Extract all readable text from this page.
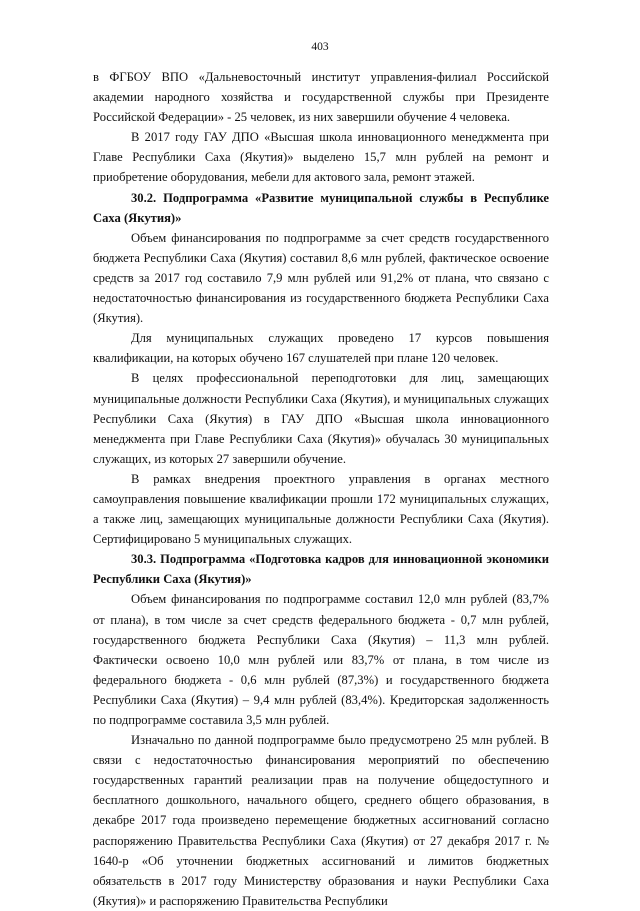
403

в ФГБОУ ВПО «Дальневосточный институт управления-филиал Российской академии народного хозяйства и государственной службы при Президенте Российской Федерации» - 25 человек, из них завершили обучение 4 человека.

В 2017 году ГАУ ДПО «Высшая школа инновационного менеджмента при Главе Республики Саха (Якутия)» выделено 15,7 млн рублей на ремонт и приобретение оборудования, мебели для актового зала, ремонт этажей.

30.2. Подпрограмма «Развитие муниципальной службы в Республике Саха (Якутия)»

Объем финансирования по подпрограмме за счет средств государственного бюджета Республики Саха (Якутия) составил 8,6 млн рублей, фактическое освоение средств за 2017 год составило 7,9 млн рублей или 91,2% от плана, что связано с недостаточностью финансирования из государственного бюджета Республики Саха (Якутия).

Для муниципальных служащих проведено 17 курсов повышения квалификации, на которых обучено 167 слушателей при плане 120 человек.

В целях профессиональной переподготовки для лиц, замещающих муниципальные должности Республики Саха (Якутия), и муниципальных служащих Республики Саха (Якутия) в ГАУ ДПО «Высшая школа инновационного менеджмента при Главе Республики Саха (Якутия)» обучалась 30 муниципальных служащих, из которых 27 завершили обучение.

В рамках внедрения проектного управления в органах местного самоуправления повышение квалификации прошли 172 муниципальных служащих, а также лиц, замещающих муниципальные должности Республики Саха (Якутия). Сертифицировано 5 муниципальных служащих.

30.3. Подпрограмма «Подготовка кадров для инновационной экономики Республики Саха (Якутия)»

Объем финансирования по подпрограмме составил 12,0 млн рублей (83,7% от плана), в том числе за счет средств федерального бюджета - 0,7 млн рублей, государственного бюджета Республики Саха (Якутия) – 11,3 млн рублей. Фактически освоено 10,0 млн рублей или 83,7% от плана, в том числе из федерального бюджета - 0,6 млн рублей (87,3%) и государственного бюджета Республики Саха (Якутия) – 9,4 млн рублей (83,4%). Кредиторская задолженность по подпрограмме составила 3,5 млн рублей.

Изначально по данной подпрограмме было предусмотрено 25 млн рублей. В связи с недостаточностью финансирования мероприятий по обеспечению государственных гарантий реализации прав на получение общедоступного и бесплатного дошкольного, начального общего, среднего общего образования, в декабре 2017 года произведено перемещение бюджетных ассигнований согласно распоряжению Правительства Республики Саха (Якутия) от 27 декабря 2017 г. № 1640-р «Об уточнении бюджетных ассигнований и лимитов бюджетных обязательств в 2017 году Министерству образования и науки Республики Саха (Якутия)» и распоряжению Правительства Республики
